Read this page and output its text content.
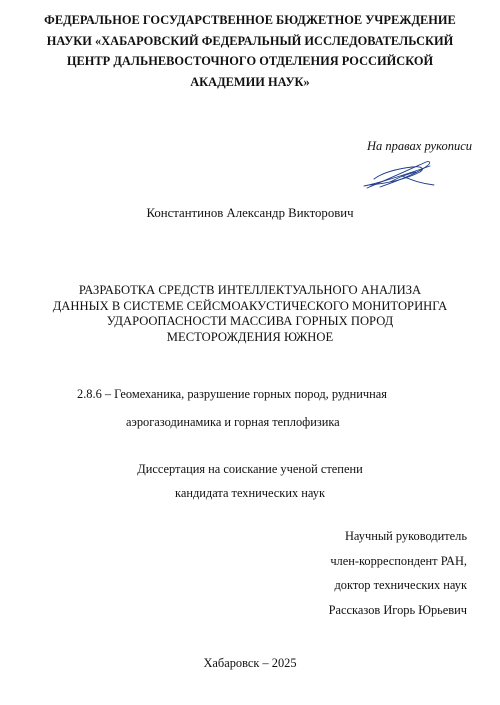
ФЕДЕРАЛЬНОЕ ГОСУДАРСТВЕННОЕ БЮДЖЕТНОЕ УЧРЕЖДЕНИЕ
НАУКИ «ХАБАРОВСКИЙ ФЕДЕРАЛЬНЫЙ ИССЛЕДОВАТЕЛЬСКИЙ
ЦЕНТР ДАЛЬНЕВОСТОЧНОГО ОТДЕЛЕНИЯ РОССИЙСКОЙ
АКАДЕМИИ НАУК»
На правах рукописи
Константинов Александр Викторович
РАЗРАБОТКА СРЕДСТВ ИНТЕЛЛЕКТУАЛЬНОГО АНАЛИЗА
ДАННЫХ В СИСТЕМЕ СЕЙСМОАКУСТИЧЕСКОГО МОНИТОРИНГА
УДАРООПАСНОСТИ МАССИВА ГОРНЫХ ПОРОД
МЕСТОРОЖДЕНИЯ ЮЖНОЕ
2.8.6 – Геомеханика, разрушение горных пород, рудничная
аэрогазодинамика и горная теплофизика
Диссертация на соискание ученой степени
кандидата технических наук
Научный руководитель
член-корреспондент РАН,
доктор технических наук
Рассказов Игорь Юрьевич
Хабаровск – 2025
